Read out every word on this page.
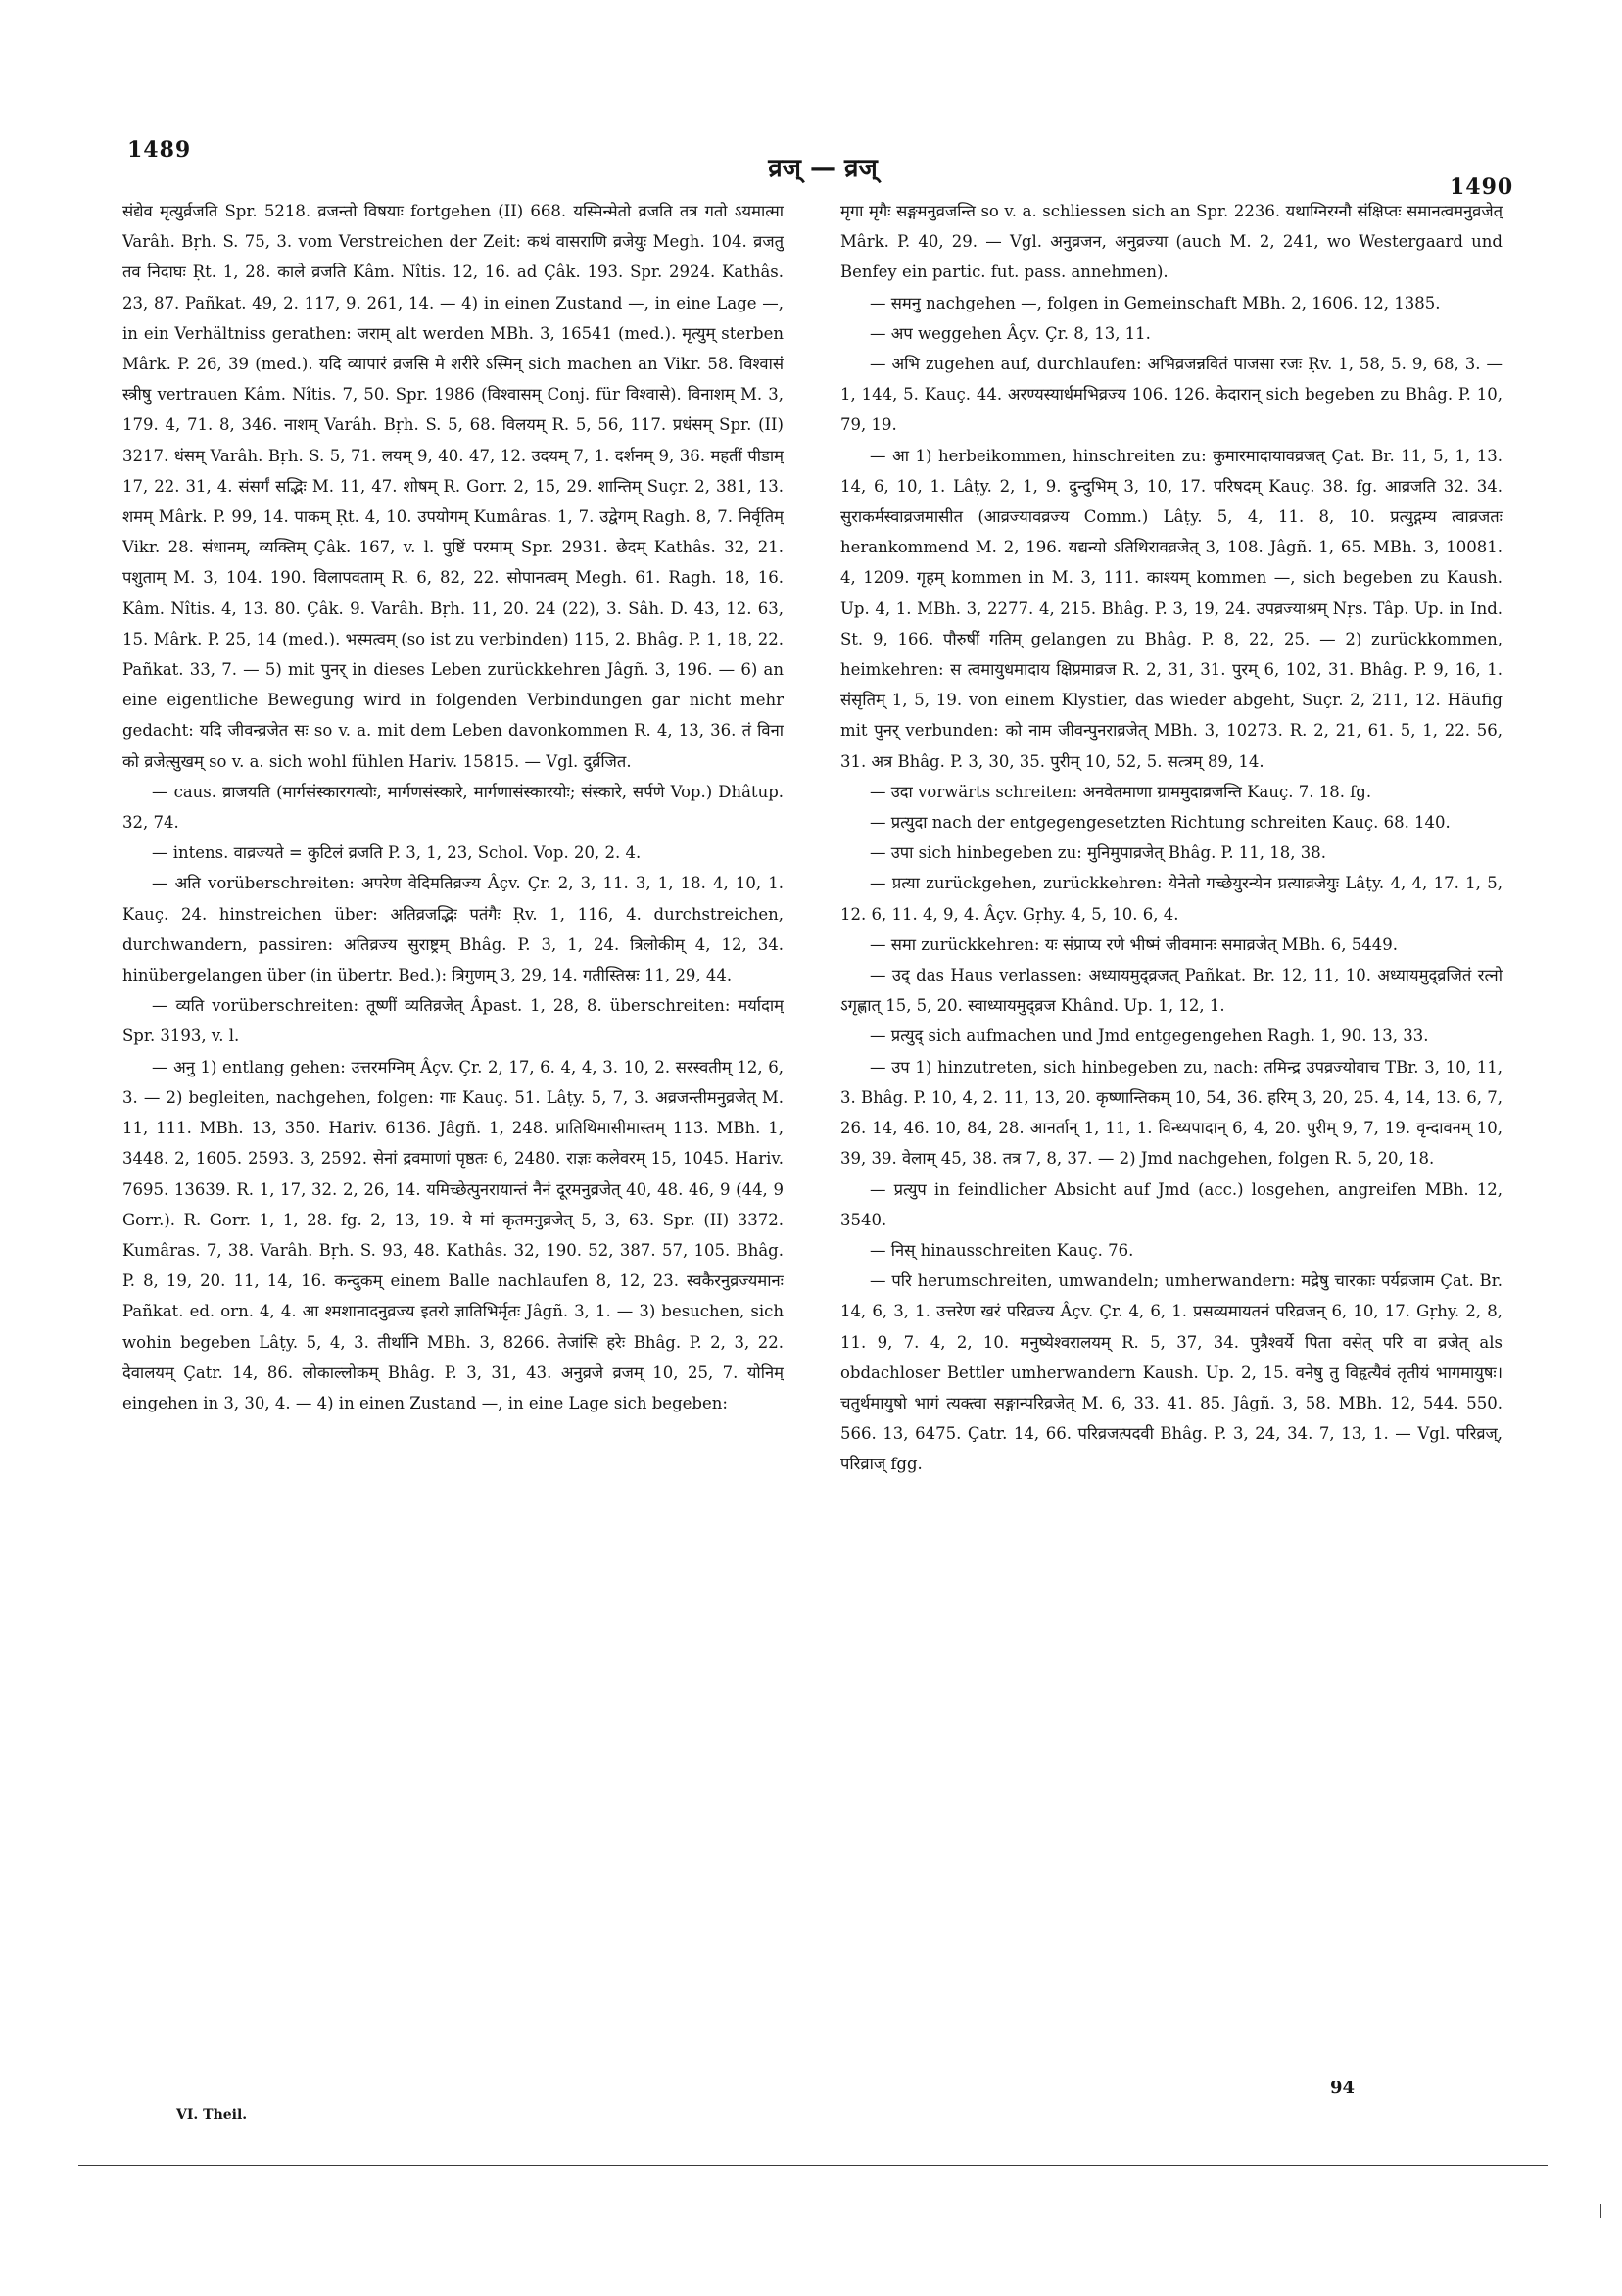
1489
व्रज् — व्रज्
1490

संद्येव मृत्युर्व्रजति Spr. 5218. व्रजन्तो विषयाः fortgehen (II) 668. यस्मिन्मेतो व्रजति तत्र गतो ऽयमात्मा Varâh. Bṛh. S. 75, 3. vom Verstreichen der Zeit: कथं वासराणि व्रजेयुः Megh. 104. व्रजतु तव निदाघः Ṛt. 1, 28. काले व्रजति Kâm. Nîtis. 12, 16. ad Çâk. 193. Spr. 2924. Kathâs. 23, 87. Pañkat. 49, 2. 117, 9. 261, 14. — 4) in einen Zustand —, in eine Lage —, in ein Verhältniss gerathen: जराम् alt werden MBh. 3, 16541 (med.). मृत्युम् sterben Mârk. P. 26, 39 (med.). यदि व्यापारं व्रजसि मे शरीरे ऽस्मिन् sich machen an Vikr. 58. विश्वासं स्त्रीषु vertrauen Kâm. Nîtis. 7, 50. Spr. 1986 (विश्वासम् Conj. für विश्वासे). विनाशम् M. 3, 179. 4, 71. 8, 346. नाशम् Varâh. Bṛh. S. 5, 68. विलयम् R. 5, 56, 117. प्रधंसम् Spr. (II) 3217. धंसम् Varâh. Bṛh. S. 5, 71. लयम् 9, 40. 47, 12. उदयम् 7, 1. दर्शनम् 9, 36. महतीं पीडाम् 17, 22. 31, 4. संसर्गं सद्भिः M. 11, 47. शोषम् R. Gorr. 2, 15, 29. शान्तिम् Suçr. 2, 381, 13. शमम् Mârk. P. 99, 14. पाकम् Ṛt. 4, 10. उपयोगम् Kumâras. 1, 7. उद्वेगम् Ragh. 8, 7. निर्वृतिम् Vikr. 28. संधानम्, व्यक्तिम् Çâk. 167, v. l. पुष्टिं परमाम् Spr. 2931. छेदम् Kathâs. 32, 21. पशुताम् M. 3, 104. 190. विलापवताम् R. 6, 82, 22. सोपानत्वम् Megh. 61. Ragh. 18, 16. Kâm. Nîtis. 4, 13. 80. Çâk. 9. Varâh. Bṛh. 11, 20. 24 (22), 3. Sâh. D. 43, 12. 63, 15. Mârk. P. 25, 14 (med.). भस्मत्वम् (so ist zu verbinden) 115, 2. Bhâg. P. 1, 18, 22. Pañkat. 33, 7. — 5) mit पुनर् in dieses Leben zurückkehren Jâgñ. 3, 196. — 6) an eine eigentliche Bewegung wird in folgenden Verbindungen gar nicht mehr gedacht: यदि जीवन्व्रजेत सः so v. a. mit dem Leben davonkommen R. 4, 13, 36. तं विना को व्रजेत्सुखम् so v. a. sich wohl fühlen Hariv. 15815. — Vgl. दुर्व्रजित.

— caus. व्राजयति (मार्गसंस्कारगत्योः, मार्गणसंस्कारे, मार्गणासंस्कारयोः; संस्कारे, सर्पणे Vop.) Dhâtup. 32, 74.

— intens. वाव्रज्यते = कुटिलं व्रजति P. 3, 1, 23, Schol. Vop. 20, 2. 4.

— अति vorüberschreiten: अपरेण वेदिमतिव्रज्य Âçv. Çr. 2, 3, 11. 3, 1, 18. 4, 10, 1. Kauç. 24. hinstreichen über: अतिव्रजद्भिः पतंगैः Ṛv. 1, 116, 4. durchstreichen, durchwandern, passiren: अतिव्रज्य सुराष्ट्रम् Bhâg. P. 3, 1, 24. त्रिलोकीम् 4, 12, 34. hinübergelangen über (in übertr. Bed.): त्रिगुणम् 3, 29, 14. गतीस्तिस्रः 11, 29, 44.

— व्यति vorüberschreiten: तूष्णीं व्यतिव्रजेत् Âpast. 1, 28, 8. überschreiten: मर्यादाम् Spr. 3193, v. l.

— अनु 1) entlang gehen: उत्तरमग्निम् Âçv. Çr. 2, 17, 6. 4, 4, 3. 10, 2. सरस्वतीम् 12, 6, 3. — 2) begleiten, nachgehen, folgen: गाः Kauç. 51. Lâṭy. 5, 7, 3. अव्रजन्तीमनुव्रजेत् M. 11, 111. MBh. 13, 350. Hariv. 6136. Jâgñ. 1, 248. प्रातिथिमासीमास्तम् 113. MBh. 1, 3448. 2, 1605. 2593. 3, 2592. सेनां द्रवमाणां पृष्ठतः 6, 2480. राज्ञः कलेवरम् 15, 1045. Hariv. 7695. 13639. R. 1, 17, 32. 2, 26, 14. यमिच्छेत्पुनरायान्तं नैनं दूरमनुव्रजेत् 40, 48. 46, 9 (44, 9 Gorr.). R. Gorr. 1, 1, 28. fg. 2, 13, 19. ये मां कृतमनुव्रजेत् 5, 3, 63. Spr. (II) 3372. Kumâras. 7, 38. Varâh. Bṛh. S. 93, 48. Kathâs. 32, 190. 52, 387. 57, 105. Bhâg. P. 8, 19, 20. 11, 14, 16. कन्दुकम् einem Balle nachlaufen 8, 12, 23. स्वकैरनुव्रज्यमानः Pañkat. ed. orn. 4, 4. आ श्मशानादनुव्रज्य इतरो ज्ञातिभिर्मृतः Jâgñ. 3, 1. — 3) besuchen, sich wohin begeben Lâṭy. 5, 4, 3. तीर्थानि MBh. 3, 8266. तेजांसि हरेः Bhâg. P. 2, 3, 22. देवालयम् Çatr. 14, 86. लोकाल्लोकम् Bhâg. P. 3, 31, 43. अनुव्रजे व्रजम् 10, 25, 7. योनिम् eingehen in 3, 30, 4. — 4) in einen Zustand —, in eine Lage sich begeben:

मृगा मृगैः सङ्गमनुव्रजन्ति so v. a. schliessen sich an Spr. 2236. यथाग्निरग्नौ संक्षिप्तः समानत्वमनुव्रजेत् Mârk. P. 40, 29. — Vgl. अनुव्रजन, अनुव्रज्या (auch M. 2, 241, wo Westergaard und Benfey ein partic. fut. pass. annehmen).

— समनु nachgehen —, folgen in Gemeinschaft MBh. 2, 1606. 12, 1385.

— अप weggehen Âçv. Çr. 8, 13, 11.

— अभि zugehen auf, durchlaufen: अभिव्रजन्नवितं पाजसा रजः Ṛv. 1, 58, 5. 9, 68, 3. — 1, 144, 5. Kauç. 44. अरण्यस्यार्धमभिव्रज्य 106. 126. केदारान् sich begeben zu Bhâg. P. 10, 79, 19.

— आ 1) herbeikommen, hinschreiten zu: कुमारमादायावव्रजत् Çat. Br. 11, 5, 1, 13. 14, 6, 10, 1. Lâṭy. 2, 1, 9. दुन्दुभिम् 3, 10, 17. परिषदम् Kauç. 38. fg. आव्रजति 32. 34. सुराकर्मस्वाव्रजमासीत (आव्रज्यावव्रज्य Comm.) Lâṭy. 5, 4, 11. 8, 10. प्रत्युद्गम्य त्वाव्रजतः herankommend M. 2, 196. यद्यन्यो ऽतिथिरावव्रजेत् 3, 108. Jâgñ. 1, 65. MBh. 3, 10081. 4, 1209. गृहम् kommen in M. 3, 111. काश्यम् kommen —, sich begeben zu Kaush. Up. 4, 1. MBh. 3, 2277. 4, 215. Bhâg. P. 3, 19, 24. उपव्रज्याश्रम् Nṛs. Tâp. Up. in Ind. St. 9, 166. पौरुषीं गतिम् gelangen zu Bhâg. P. 8, 22, 25. — 2) zurückkommen, heimkehren: स त्वमायुधमादाय क्षिप्रमाव्रज R. 2, 31, 31. पुरम् 6, 102, 31. Bhâg. P. 9, 16, 1. संसृतिम् 1, 5, 19. von einem Klystier, das wieder abgeht, Suçr. 2, 211, 12. Häufig mit पुनर् verbunden: को नाम जीवन्पुनराव्रजेत् MBh. 3, 10273. R. 2, 21, 61. 5, 1, 22. 56, 31. अत्र Bhâg. P. 3, 30, 35. पुरीम् 10, 52, 5. सत्त्रम् 89, 14.

— उदा vorwärts schreiten: अनवेतमाणा ग्राममुदाव्रजन्ति Kauç. 7. 18. fg.

— प्रत्युदा nach der entgegengesetzten Richtung schreiten Kauç. 68. 140.

— उपा sich hinbegeben zu: मुनिमुपाव्रजेत् Bhâg. P. 11, 18, 38.

— प्रत्या zurückgehen, zurückkehren: येनेतो गच्छेयुरन्येन प्रत्याव्रजेयुः Lâṭy. 4, 4, 17. 1, 5, 12. 6, 11. 4, 9, 4. Âçv. Gṛhy. 4, 5, 10. 6, 4.

— समा zurückkehren: यः संप्राप्य रणे भीष्मं जीवमानः समाव्रजेत् MBh. 6, 5449.

— उद् das Haus verlassen: अध्यायमुद्व्रजत् Pañkat. Br. 12, 11, 10. अध्यायमुद्व्रजितं रत्नो ऽगृह्णात् 15, 5, 20. स्वाध्यायमुद्व्रज Khând. Up. 1, 12, 1.

— प्रत्युद् sich aufmachen und Jmd entgegengehen Ragh. 1, 90. 13, 33.

— उप 1) hinzutreten, sich hinbegeben zu, nach: तमिन्द्र उपव्रज्योवाच TBr. 3, 10, 11, 3. Bhâg. P. 10, 4, 2. 11, 13, 20. कृष्णान्तिकम् 10, 54, 36. हरिम् 3, 20, 25. 4, 14, 13. 6, 7, 26. 14, 46. 10, 84, 28. आनर्तान् 1, 11, 1. विन्ध्यपादान् 6, 4, 20. पुरीम् 9, 7, 19. वृन्दावनम् 10, 39, 39. वेलाम् 45, 38. तत्र 7, 8, 37. — 2) Jmd nachgehen, folgen R. 5, 20, 18.

— प्रत्युप in feindlicher Absicht auf Jmd (acc.) losgehen, angreifen MBh. 12, 3540.

— निस् hinausschreiten Kauç. 76.

— परि herumschreiten, umwandeln; umherwandern: मद्रेषु चारकाः पर्यव्रजाम Çat. Br. 14, 6, 3, 1. उत्तरेण खरं परिव्रज्य Âçv. Çr. 4, 6, 1. प्रसव्यमायतनं परिव्रजन् 6, 10, 17. Gṛhy. 2, 8, 11. 9, 7. 4, 2, 10. मनुष्येश्वरालयम् R. 5, 37, 34. पुत्रैश्वर्ये पिता वसेत् परि वा व्रजेत् als obdachloser Bettler umherwandern Kaush. Up. 2, 15. वनेषु तु विहृत्यैवं तृतीयं भागमायुषः। चतुर्थमायुषो भागं त्यक्त्वा सङ्गान्परिव्रजेत् M. 6, 33. 41. 85. Jâgñ. 3, 58. MBh. 12, 544. 550. 566. 13, 6475. Çatr. 14, 66. परिव्रजत्पदवी Bhâg. P. 3, 24, 34. 7, 13, 1. — Vgl. परिव्रज्, परिव्राज् fgg.

VI. Theil.
94
